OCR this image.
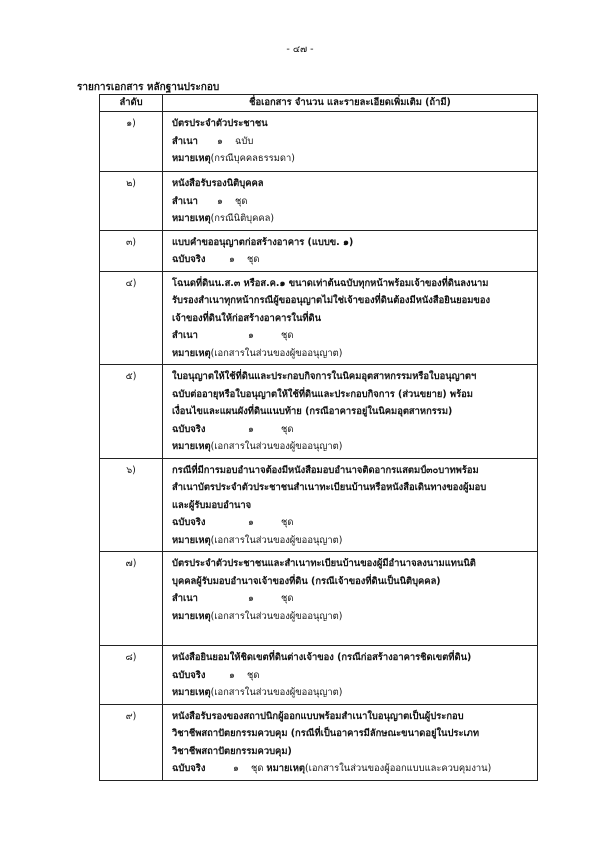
- ๔๗ -
รายการเอกสาร หลักฐานประกอบ
ลำดับ	ชื่อเอกสาร จำนวน และรายละเอียดเพิ่มเติม (ถ้ามี)
๑)	บัตรประจำตัวประชาชน
สำเนา ๑ ฉบับ
หมายเหตุ(กรณีบุคคลธรรมดา)

๒)	หนังสือรับรองนิติบุคคล
สำเนา ๑ ชุด
หมายเหตุ(กรณีนิติบุคคล)

๓)	แบบคำขออนุญาตก่อสร้างอาคาร (แบบข. ๑)
ฉบับจริง ๑ ชุด

๔)	โฉนดที่ดินน.ส.๓ หรือส.ค.๑ ขนาดเท่าต้นฉบับทุกหน้าพร้อมเจ้าของที่ดินลงนาม
รับรองสำเนาทุกหน้ากรณีผู้ขออนุญาตไม่ใช่เจ้าของที่ดินต้องมีหนังสือยินยอมของ
เจ้าของที่ดินให้ก่อสร้างอาคารในที่ดิน
สำเนา ๑ ชุด
หมายเหตุ(เอกสารในส่วนของผู้ขออนุญาต)

๕)	ใบอนุญาตให้ใช้ที่ดินและประกอบกิจการในนิคมอุตสาหกรรมหรือใบอนุญาตฯ
ฉบับต่ออายุหรือใบอนุญาตให้ใช้ที่ดินและประกอบกิจการ (ส่วนขยาย) พร้อม
เงื่อนไขและแผนผังที่ดินแนบท้าย (กรณีอาคารอยู่ในนิคมอุตสาหกรรม)
ฉบับจริง ๑ ชุด
หมายเหตุ(เอกสารในส่วนของผู้ขออนุญาต)

๖)	กรณีที่มีการมอบอำนาจต้องมีหนังสือมอบอำนาจติดอากรแสตมป์๓๐บาทพร้อม
สำเนาบัตรประจำตัวประชาชนสำเนาทะเบียนบ้านหรือหนังสือเดินทางของผู้มอบ
และผู้รับมอบอำนาจ
ฉบับจริง ๑ ชุด
หมายเหตุ(เอกสารในส่วนของผู้ขออนุญาต)

๗)	บัตรประจำตัวประชาชนและสำเนาทะเบียนบ้านของผู้มีอำนาจลงนามแทนนิติ
บุคคลผู้รับมอบอำนาจเจ้าของที่ดิน (กรณีเจ้าของที่ดินเป็นนิติบุคคล)
สำเนา ๑ ชุด
หมายเหตุ(เอกสารในส่วนของผู้ขออนุญาต)

๘)	หนังสือยินยอมให้ชิดเขตที่ดินต่างเจ้าของ (กรณีก่อสร้างอาคารชิดเขตที่ดิน)
ฉบับจริง ๑ ชุด
หมายเหตุ(เอกสารในส่วนของผู้ขออนุญาต)

๙)	หนังสือรับรองของสถาปนิกผู้ออกแบบพร้อมสำเนาใบอนุญาตเป็นผู้ประกอบ
วิชาชีพสถาปัตยกรรมควบคุม (กรณีที่เป็นอาคารมีลักษณะขนาดอยู่ในประเภท
วิชาชีพสถาปัตยกรรมควบคุม)
ฉบับจริง ๑ ชุด หมายเหตุ(เอกสารในส่วนของผู้ออกแบบและควบคุมงาน)
